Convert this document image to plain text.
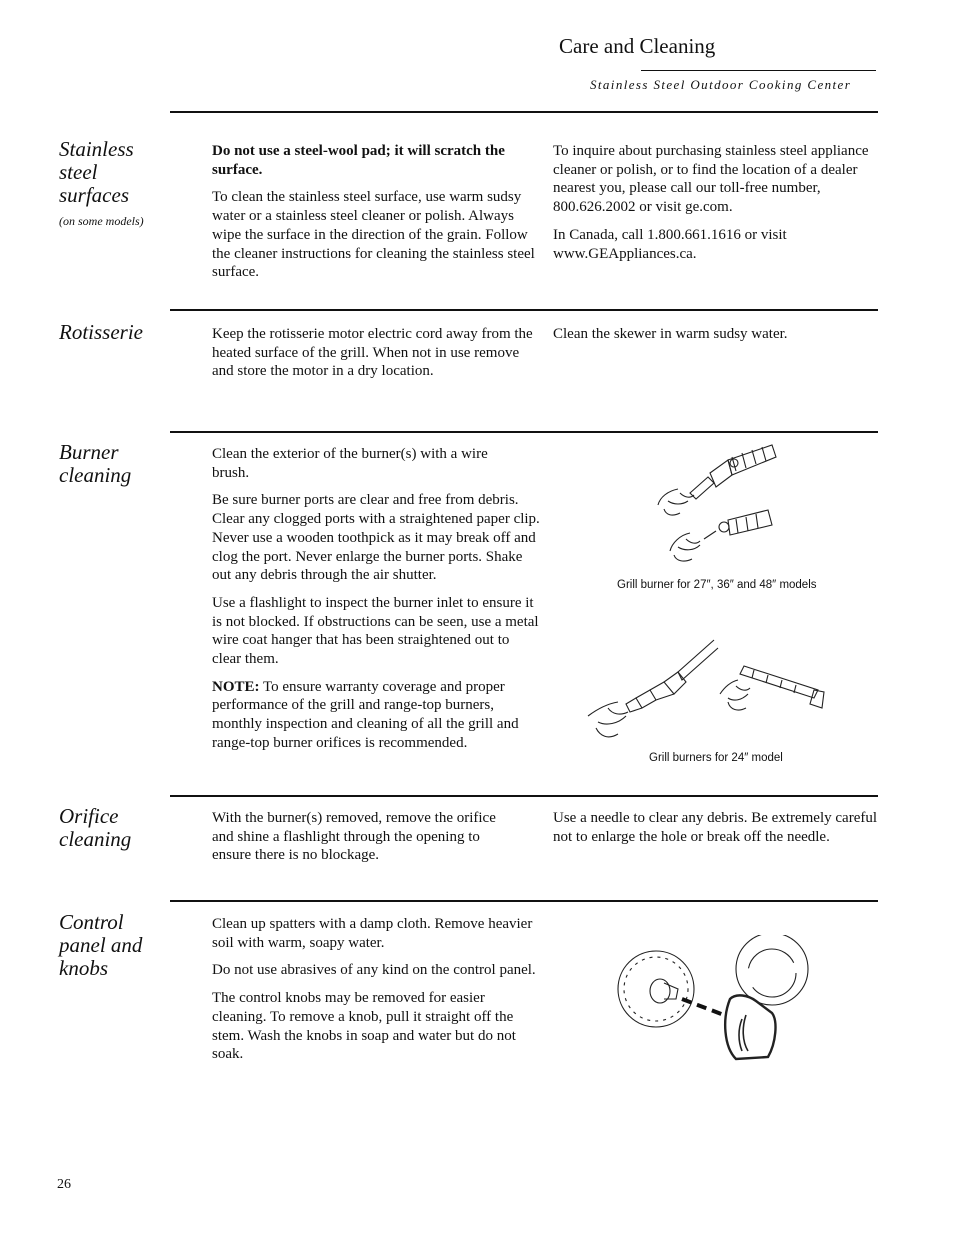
Care and Cleaning
Stainless Steel Outdoor Cooking Center
Stainless steel surfaces
(on some models)

Do not use a steel-wool pad; it will scratch the surface.

To clean the stainless steel surface, use warm sudsy water or a stainless steel cleaner or polish. Always wipe the surface in the direction of the grain. Follow the cleaner instructions for cleaning the stainless steel surface.

To inquire about purchasing stainless steel appliance cleaner or polish, or to find the location of a dealer nearest you, please call our toll-free number, 800.626.2002 or visit ge.com.

In Canada, call 1.800.661.1616 or visit www.GEAppliances.ca.

Rotisserie	Keep the rotisserie motor electric cord away from the heated surface of the grill. When not in use remove and store the motor in a dry location.

Clean the skewer in warm sudsy water.

Burner cleaning

Clean the exterior of the burner(s) with a wire brush.

Be sure burner ports are clear and free from debris. Clear any clogged ports with a straightened paper clip. Never use a wooden toothpick as it may break off and clog the port. Never enlarge the burner ports. Shake out any debris through the air shutter.

Use a flashlight to inspect the burner inlet to ensure it is not blocked. If obstructions can be seen, use a metal wire coat hanger that has been straightened out to clear them.

NOTE: To ensure warranty coverage and proper performance of the grill and range-top burners, monthly inspection and cleaning of all the grill and range-top burner orifices is recommended.

Grill burner for 27″, 36″ and 48″ models
Grill burners for 24″ model
Orifice cleaning

With the burner(s) removed, remove the orifice and shine a flashlight through the opening to ensure there is no blockage.

Use a needle to clear any debris. Be extremely careful not to enlarge the hole or break off the needle.

Control panel and knobs

Clean up spatters with a damp cloth. Remove heavier soil with warm, soapy water.

Do not use abrasives of any kind on the control panel.

The control knobs may be removed for easier cleaning. To remove a knob, pull it straight off the stem. Wash the knobs in soap and water but do not soak.

26
